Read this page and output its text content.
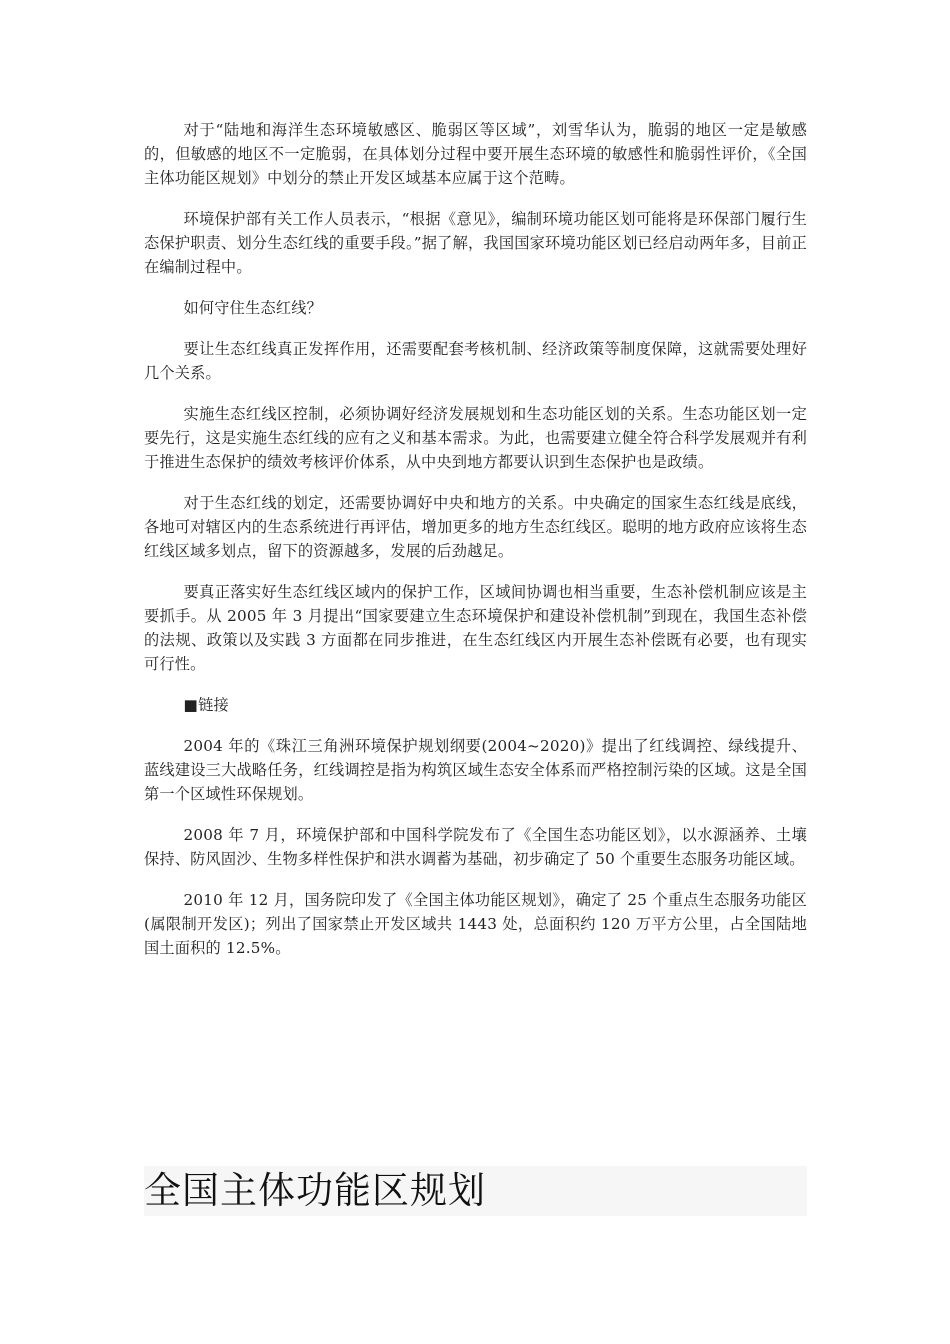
对于“陆地和海洋生态环境敏感区、脆弱区等区域”，刘雪华认为，脆弱的地区一定是敏感的，但敏感的地区不一定脆弱，在具体划分过程中要开展生态环境的敏感性和脆弱性评价，《全国主体功能区规划》中划分的禁止开发区域基本应属于这个范畴。

环境保护部有关工作人员表示，“根据《意见》，编制环境功能区划可能将是环保部门履行生态保护职责、划分生态红线的重要手段。”据了解，我国国家环境功能区划已经启动两年多，目前正在编制过程中。

如何守住生态红线？

要让生态红线真正发挥作用，还需要配套考核机制、经济政策等制度保障，这就需要处理好几个关系。

实施生态红线区控制，必须协调好经济发展规划和生态功能区划的关系。生态功能区划一定要先行，这是实施生态红线的应有之义和基本需求。为此，也需要建立健全符合科学发展观并有利于推进生态保护的绩效考核评价体系，从中央到地方都要认识到生态保护也是政绩。

对于生态红线的划定，还需要协调好中央和地方的关系。中央确定的国家生态红线是底线，各地可对辖区内的生态系统进行再评估，增加更多的地方生态红线区。聪明的地方政府应该将生态红线区域多划点，留下的资源越多，发展的后劲越足。

要真正落实好生态红线区域内的保护工作，区域间协调也相当重要，生态补偿机制应该是主要抓手。从 2005 年 3 月提出“国家要建立生态环境保护和建设补偿机制”到现在，我国生态补偿的法规、政策以及实践 3 方面都在同步推进，在生态红线区内开展生态补偿既有必要，也有现实可行性。

■链接

2004 年的《珠江三角洲环境保护规划纲要(2004~2020)》提出了红线调控、绿线提升、蓝线建设三大战略任务，红线调控是指为构筑区域生态安全体系而严格控制污染的区域。这是全国第一个区域性环保规划。

2008 年 7 月，环境保护部和中国科学院发布了《全国生态功能区划》，以水源涵养、土壤保持、防风固沙、生物多样性保护和洪水调蓄为基础，初步确定了 50 个重要生态服务功能区域。

2010 年 12 月，国务院印发了《全国主体功能区规划》，确定了 25 个重点生态服务功能区(属限制开发区)；列出了国家禁止开发区域共 1443 处，总面积约 120 万平方公里，占全国陆地国土面积的 12.5%。

全国主体功能区规划
